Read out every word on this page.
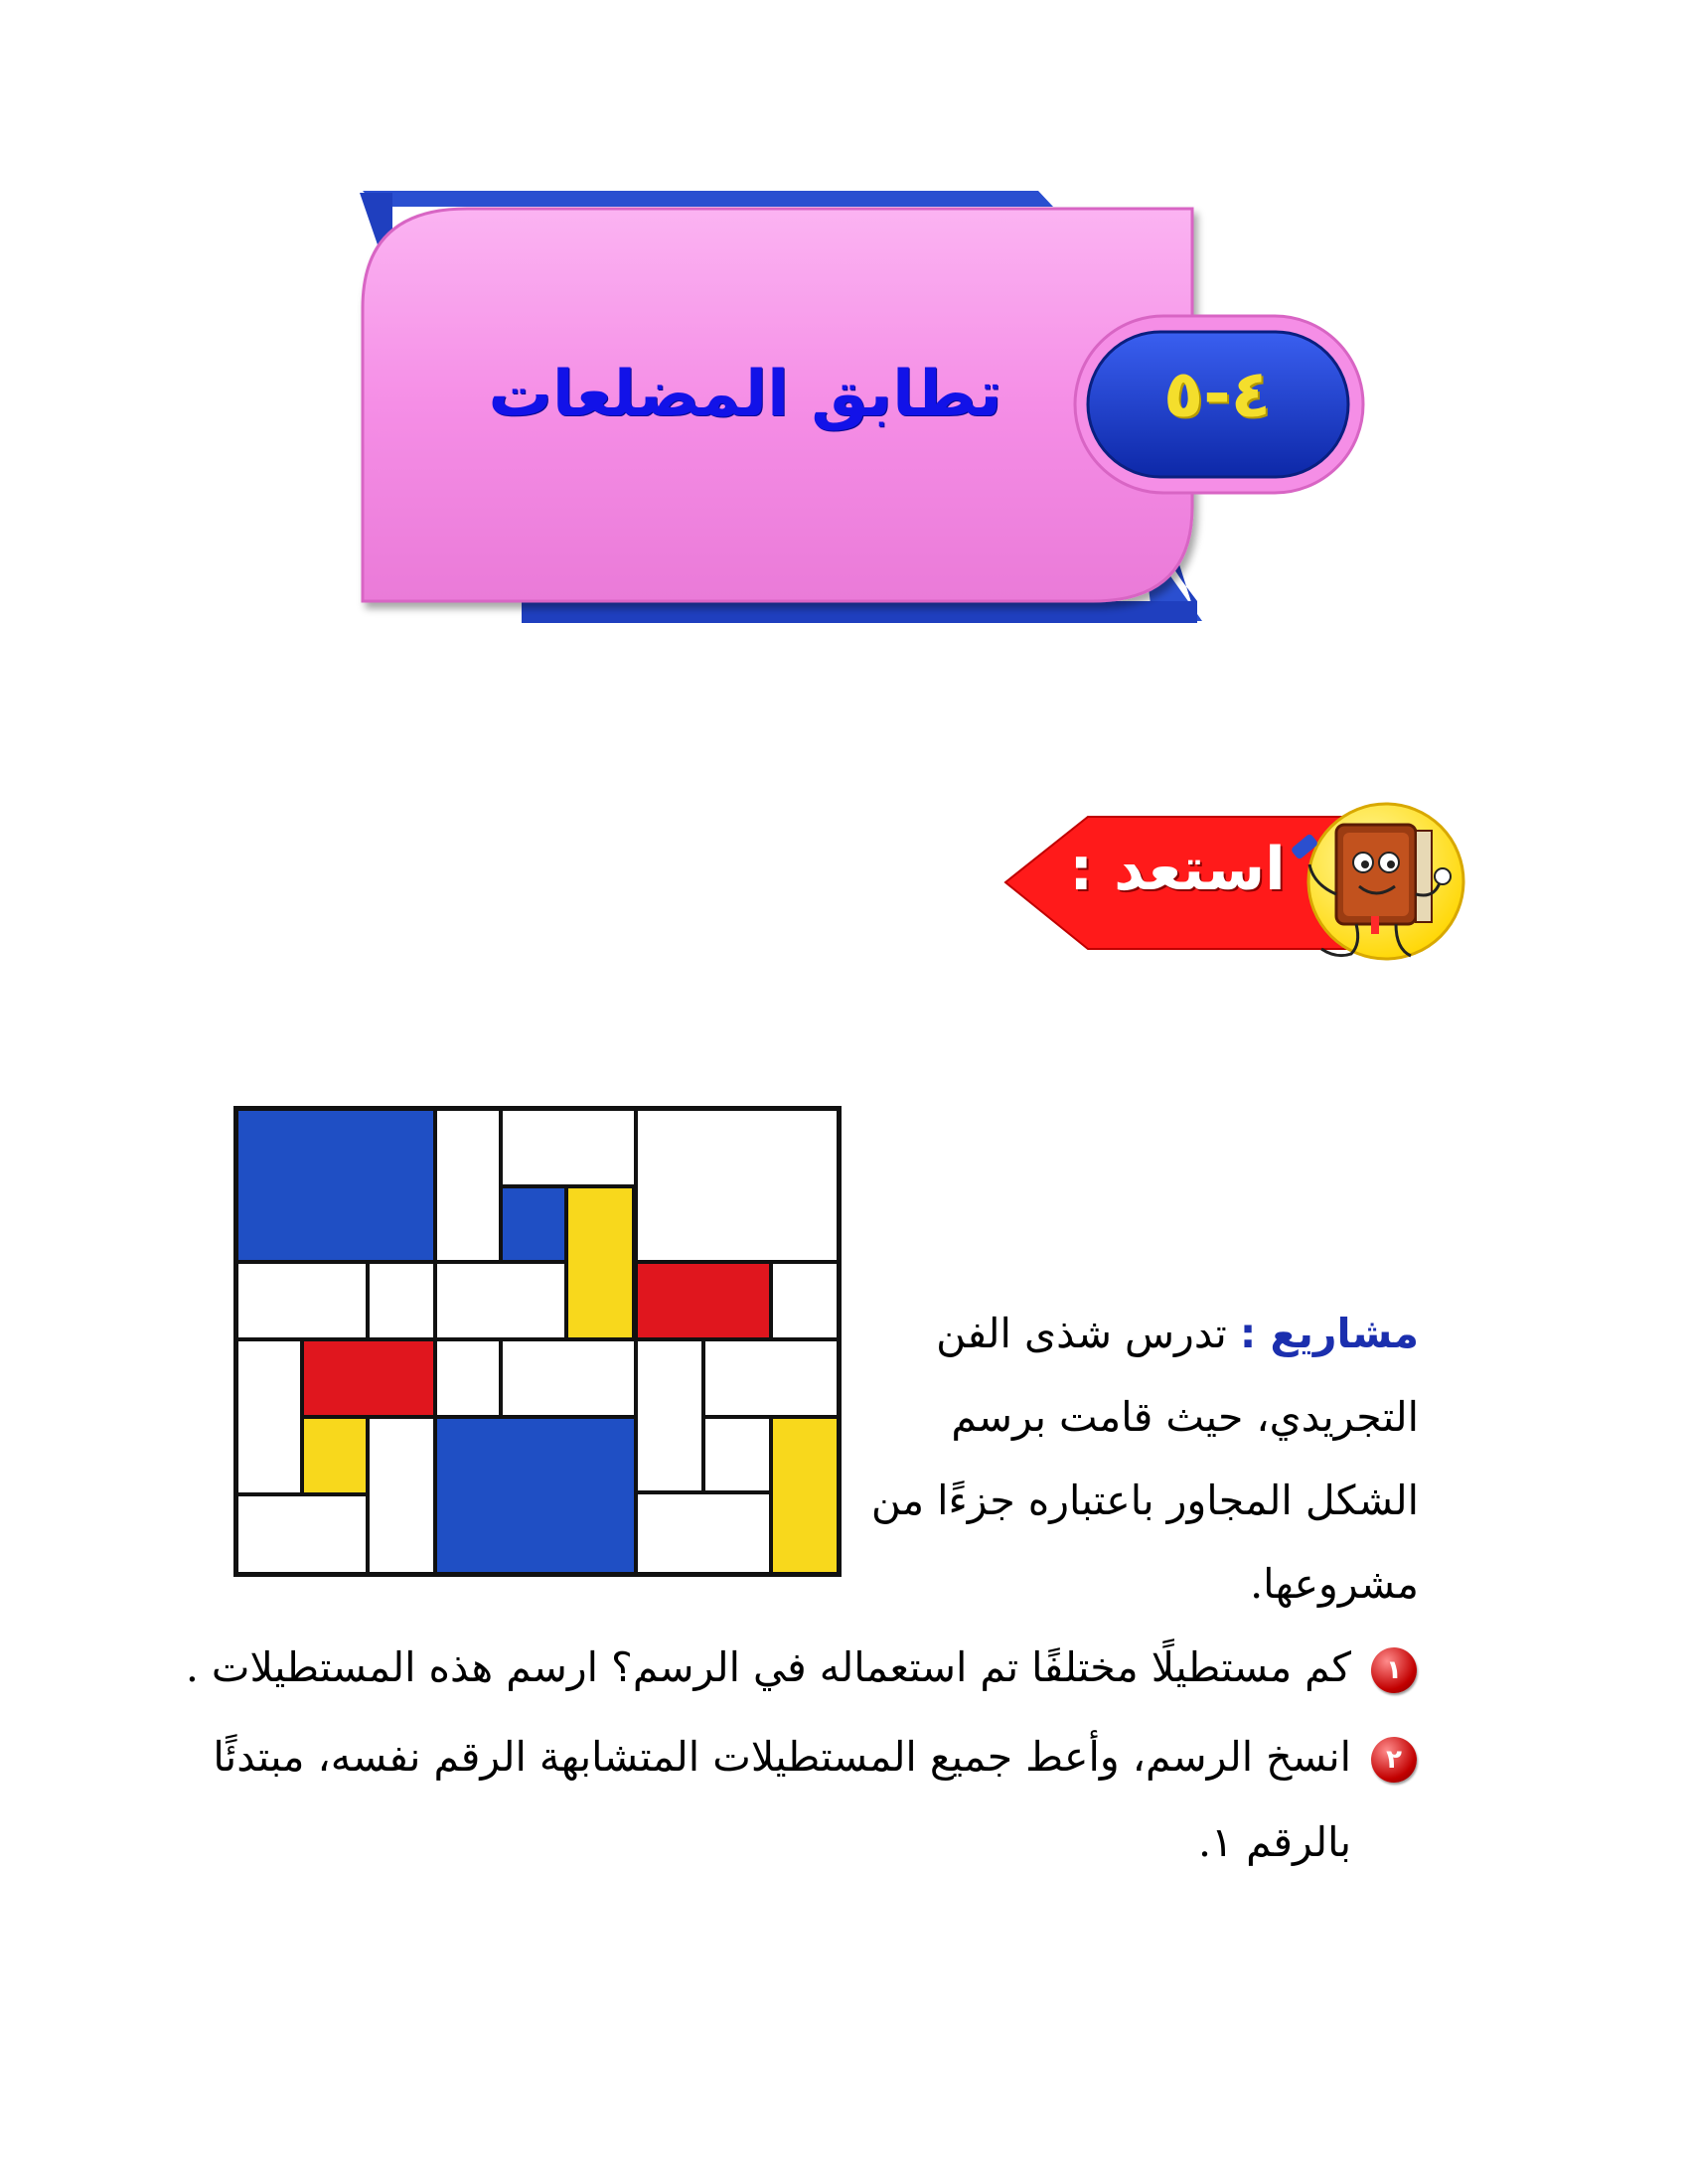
تطابق المضلعات	٤-٥
استعد :
مشاريع : تدرس شذى الفن
التجريدي، حيث قامت برسم
الشكل المجاور باعتباره جزءًا من
مشروعها.
١
كم مستطيلًا مختلفًا تم استعماله في الرسم؟ ارسم هذه المستطيلات .
٢
انسخ الرسم، وأعط جميع المستطيلات المتشابهة الرقم نفسه، مبتدئًا
بالرقم ١.
